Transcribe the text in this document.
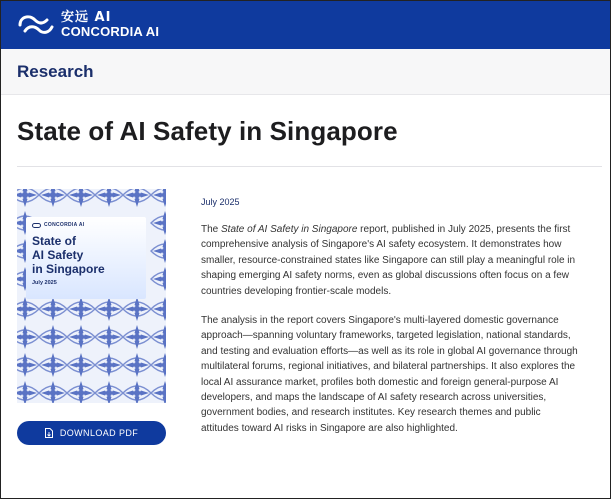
安远 AI
CONCORDIA AI
Research
State of AI Safety in Singapore
CONCORDIA AI
State of
AI Safety
in Singapore
July 2025
DOWNLOAD PDF
July 2025

The State of AI Safety in Singapore report, published in July 2025, presents the first comprehensive analysis of Singapore's AI safety ecosystem. It demonstrates how smaller, resource-constrained states like Singapore can still play a meaningful role in shaping emerging AI safety norms, even as global discussions often focus on a few countries developing frontier-scale models.

The analysis in the report covers Singapore's multi-layered domestic governance approach—spanning voluntary frameworks, targeted legislation, national standards, and testing and evaluation efforts—as well as its role in global AI governance through multilateral forums, regional initiatives, and bilateral partnerships. It also explores the local AI assurance market, profiles both domestic and foreign general-purpose AI developers, and maps the landscape of AI safety research across universities, government bodies, and research institutes. Key research themes and public attitudes toward AI risks in Singapore are also highlighted.
